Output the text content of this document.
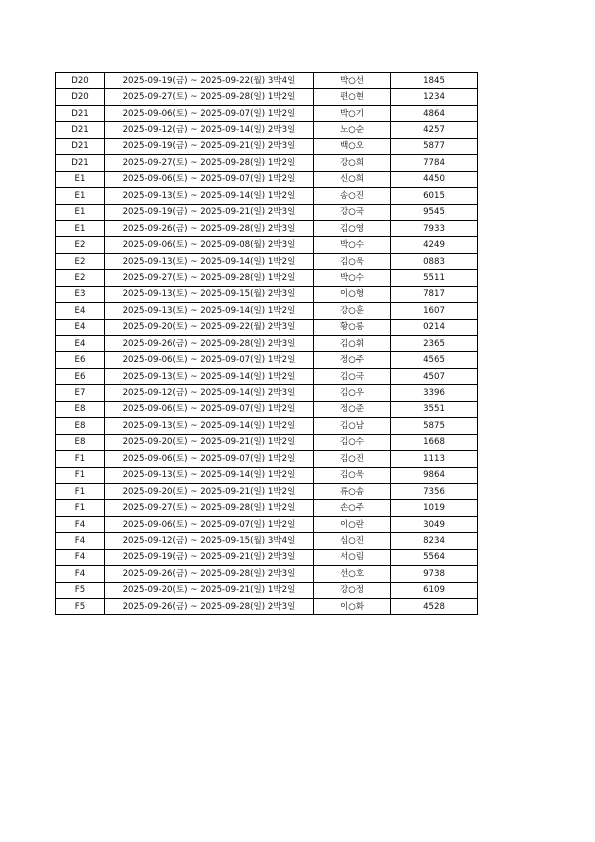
D20	2025-09-19(금) ~ 2025-09-22(월) 3박4일	박○선	1845
D20	2025-09-27(토) ~ 2025-09-28(일) 1박2일	편○현	1234
D21	2025-09-06(토) ~ 2025-09-07(일) 1박2일	박○기	4864
D21	2025-09-12(금) ~ 2025-09-14(일) 2박3일	노○순	4257
D21	2025-09-19(금) ~ 2025-09-21(일) 2박3일	백○오	5877
D21	2025-09-27(토) ~ 2025-09-28(일) 1박2일	강○희	7784
E1	2025-09-06(토) ~ 2025-09-07(일) 1박2일	신○희	4450
E1	2025-09-13(토) ~ 2025-09-14(일) 1박2일	송○진	6015
E1	2025-09-19(금) ~ 2025-09-21(일) 2박3일	강○국	9545
E1	2025-09-26(금) ~ 2025-09-28(일) 2박3일	김○영	7933
E2	2025-09-06(토) ~ 2025-09-08(월) 2박3일	박○수	4249
E2	2025-09-13(토) ~ 2025-09-14(일) 1박2일	김○욱	0883
E2	2025-09-27(토) ~ 2025-09-28(일) 1박2일	박○수	5511
E3	2025-09-13(토) ~ 2025-09-15(월) 2박3일	이○형	7817
E4	2025-09-13(토) ~ 2025-09-14(일) 1박2일	강○훈	1607
E4	2025-09-20(토) ~ 2025-09-22(월) 2박3일	황○롱	0214
E4	2025-09-26(금) ~ 2025-09-28(일) 2박3일	김○휘	2365
E6	2025-09-06(토) ~ 2025-09-07(일) 1박2일	정○주	4565
E6	2025-09-13(토) ~ 2025-09-14(일) 1박2일	김○국	4507
E7	2025-09-12(금) ~ 2025-09-14(일) 2박3일	김○우	3396
E8	2025-09-06(토) ~ 2025-09-07(일) 1박2일	정○준	3551
E8	2025-09-13(토) ~ 2025-09-14(일) 1박2일	김○남	5875
E8	2025-09-20(토) ~ 2025-09-21(일) 1박2일	김○수	1668
F1	2025-09-06(토) ~ 2025-09-07(일) 1박2일	김○진	1113
F1	2025-09-13(토) ~ 2025-09-14(일) 1박2일	김○욱	9864
F1	2025-09-20(토) ~ 2025-09-21(일) 1박2일	류○솜	7356
F1	2025-09-27(토) ~ 2025-09-28(일) 1박2일	손○주	1019
F4	2025-09-06(토) ~ 2025-09-07(일) 1박2일	이○란	3049
F4	2025-09-12(금) ~ 2025-09-15(월) 3박4일	심○진	8234
F4	2025-09-19(금) ~ 2025-09-21(일) 2박3일	서○림	5564
F4	2025-09-26(금) ~ 2025-09-28(일) 2박3일	선○호	9738
F5	2025-09-20(토) ~ 2025-09-21(일) 1박2일	강○정	6109
F5	2025-09-26(금) ~ 2025-09-28(일) 2박3일	이○화	4528
